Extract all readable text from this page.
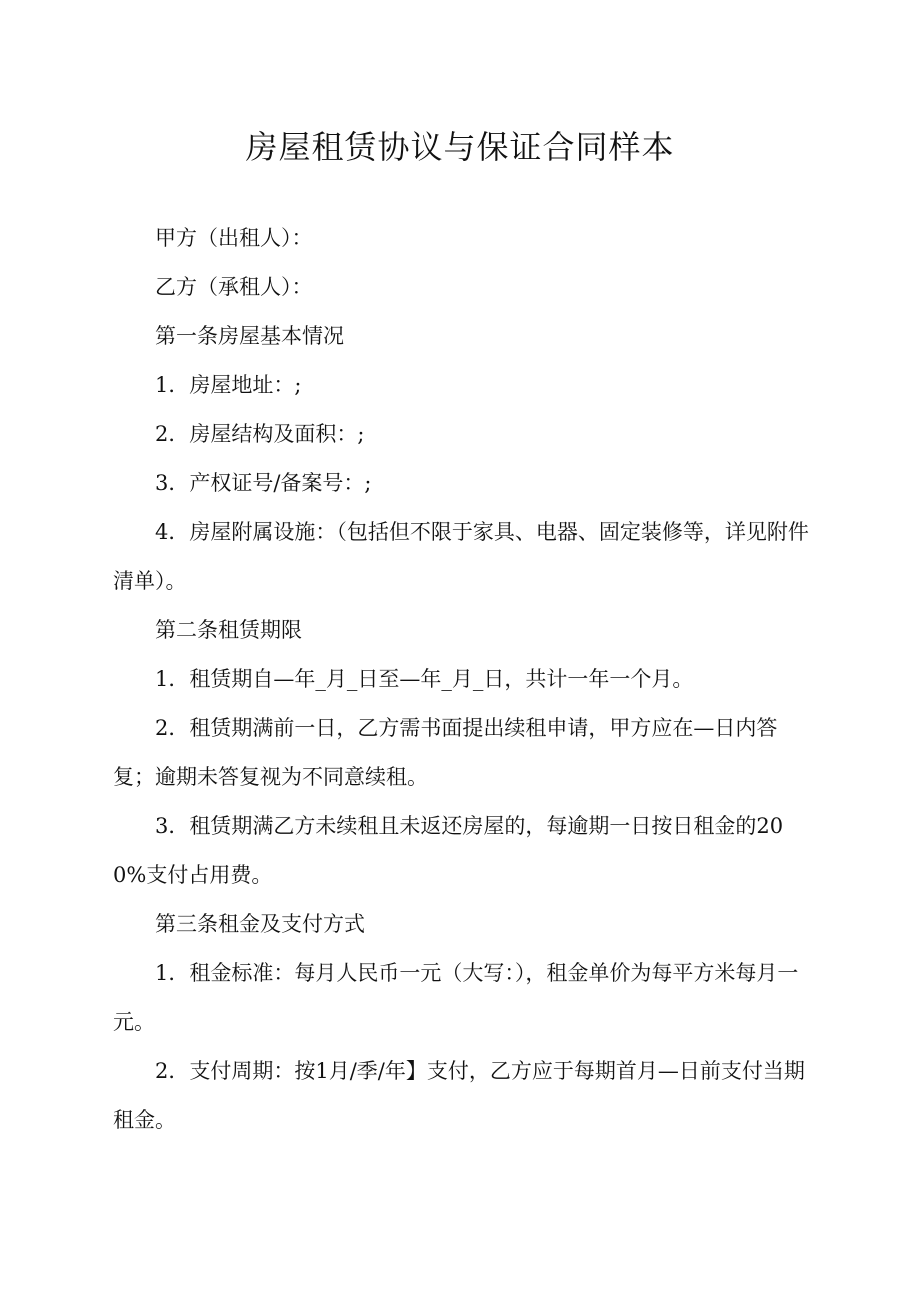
房屋租赁协议与保证合同样本

甲方（出租人）：

乙方（承租人）：

第一条房屋基本情况

1．房屋地址：;

2．房屋结构及面积：;

3．产权证号/备案号：;

4．房屋附属设施：（包括但不限于家具、电器、固定装修等，详见附件清单）。

第二条租赁期限

1．租赁期自—年_月_日至—年_月_日，共计一年一个月。

2．租赁期满前一日，乙方需书面提出续租申请，甲方应在—日内答复；逾期未答复视为不同意续租。

3．租赁期满乙方未续租且未返还房屋的，每逾期一日按日租金的200%支付占用费。

第三条租金及支付方式

1．租金标准：每月人民币一元（大写：），租金单价为每平方米每月一元。

2．支付周期：按1月/季/年】支付，乙方应于每期首月—日前支付当期租金。
